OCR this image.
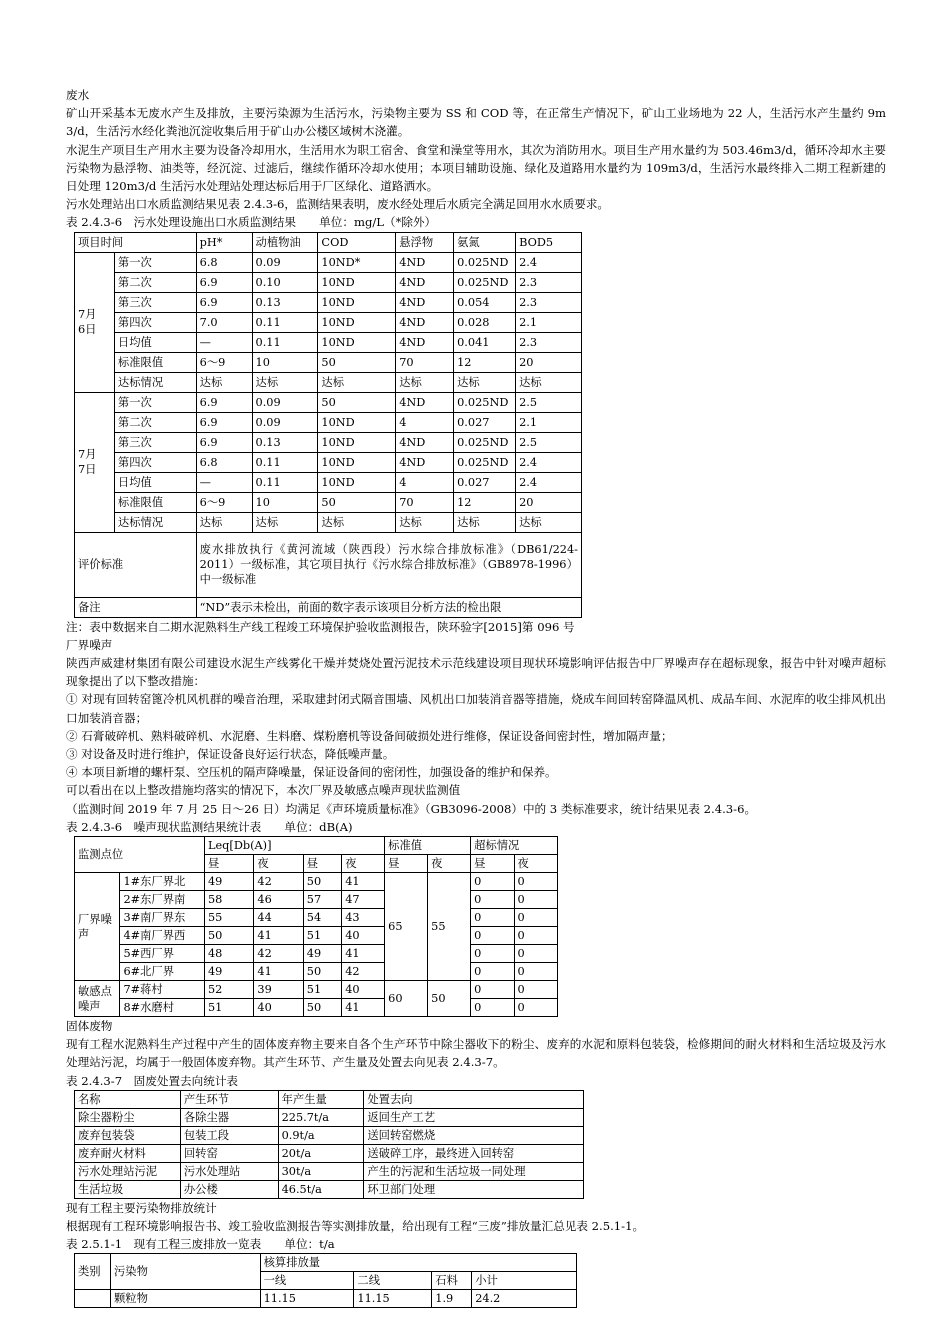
废水

矿山开采基本无废水产生及排放，主要污染源为生活污水，污染物主要为 SS 和 COD 等，在正常生产情况下，矿山工业场地为 22 人，生活污水产生量约 9m3/d，生活污水经化粪池沉淀收集后用于矿山办公楼区域树木浇灌。

水泥生产项目生产用水主要为设备冷却用水，生活用水为职工宿舍、食堂和澡堂等用水，其次为消防用水。项目生产用水量约为 503.46m3/d，循环冷却水主要污染物为悬浮物、油类等，经沉淀、过滤后，继续作循环冷却水使用；本项目辅助设施、绿化及道路用水量约为 109m3/d，生活污水最终排入二期工程新建的日处理 120m3/d 生活污水处理站处理达标后用于厂区绿化、道路洒水。

污水处理站出口水质监测结果见表 2.4.3-6，监测结果表明，废水经处理后水质完全满足回用水水质要求。

表 2.4.3-6　污水处理设施出口水质监测结果　　单位：mg/L（*除外）

项目时间		pH*	动植物油	COD	悬浮物	氨氮	BOD5
7月6日	第一次	6.8	0.09	10ND*	4ND	0.025ND	2.4
	第二次	6.9	0.10	10ND	4ND	0.025ND	2.3
	第三次	6.9	0.13	10ND	4ND	0.054	2.3
	第四次	7.0	0.11	10ND	4ND	0.028	2.1
	日均值	—	0.11	10ND	4ND	0.041	2.3
	标准限值	6～9	10	50	70	12	20
	达标情况	达标	达标	达标	达标	达标	达标
7月7日	第一次	6.9	0.09	50	4ND	0.025ND	2.5
	第二次	6.9	0.09	10ND	4	0.027	2.1
	第三次	6.9	0.13	10ND	4ND	0.025ND	2.5
	第四次	6.8	0.11	10ND	4ND	0.025ND	2.4
	日均值	—	0.11	10ND	4	0.027	2.4
	标准限值	6～9	10	50	70	12	20
	达标情况	达标	达标	达标	达标	达标	达标
评价标准		废水排放执行《黄河流域（陕西段）污水综合排放标准》（DB61/224-2011）一级标准，其它项目执行《污水综合排放标准》（GB8978-1996）中一级标准					
备注		“ND”表示未检出，前面的数字表示该项目分析方法的检出限					

注：表中数据来自二期水泥熟料生产线工程竣工环境保护验收监测报告，陕环验字[2015]第 096 号

厂界噪声

陕西声威建材集团有限公司建设水泥生产线雾化干燥并焚烧处置污泥技术示范线建设项目现状环境影响评估报告中厂界噪声存在超标现象，报告中针对噪声超标现象提出了以下整改措施：

① 对现有回转窑篦冷机风机群的噪音治理，采取建封闭式隔音围墙、风机出口加装消音器等措施，烧成车间回转窑降温风机、成品车间、水泥库的收尘排风机出口加装消音器；

② 石膏破碎机、熟料破碎机、水泥磨、生料磨、煤粉磨机等设备间破损处进行维修，保证设备间密封性，增加隔声量；

③ 对设备及时进行维护，保证设备良好运行状态，降低噪声量。

④ 本项目新增的螺杆泵、空压机的隔声降噪量，保证设备间的密闭性，加强设备的维护和保养。

可以看出在以上整改措施均落实的情况下，本次厂界及敏感点噪声现状监测值

（监测时间 2019 年 7 月 25 日～26 日）均满足《声环境质量标准》（GB3096-2008）中的 3 类标准要求，统计结果见表 2.4.3-6。

表 2.4.3-6　噪声现状监测结果统计表　　单位：dB(A)

监测点位		Leq[Db(A)]				标准值		超标情况	
		昼	夜	昼	夜	昼	夜	昼	夜
厂界噪声	1#东厂界北	49	42	50	41	65	55	0	0
	2#东厂界南	58	46	57	47			0	0
	3#南厂界东	55	44	54	43			0	0
	4#南厂界西	50	41	51	40			0	0
	5#西厂界	48	42	49	41			0	0
	6#北厂界	49	41	50	42			0	0
敏感点噪声	7#蒋村	52	39	51	40	60	50	0	0
	8#水磨村	51	40	50	41			0	0

固体废物

现有工程水泥熟料生产过程中产生的固体废弃物主要来自各个生产环节中除尘器收下的粉尘、废弃的水泥和原料包装袋，检修期间的耐火材料和生活垃圾及污水处理站污泥，均属于一般固体废弃物。其产生环节、产生量及处置去向见表 2.4.3-7。

表 2.4.3-7　固废处置去向统计表

名称	产生环节	年产生量	处置去向
除尘器粉尘	各除尘器	225.7t/a	返回生产工艺
废弃包装袋	包装工段	0.9t/a	送回转窑燃烧
废弃耐火材料	回转窑	20t/a	送破碎工序，最终进入回转窑
污水处理站污泥	污水处理站	30t/a	产生的污泥和生活垃圾一同处理
生活垃圾	办公楼	46.5t/a	环卫部门处理

现有工程主要污染物排放统计

根据现有工程环境影响报告书、竣工验收监测报告等实测排放量，给出现有工程“三废”排放量汇总见表 2.5.1-1。

表 2.5.1-1　现有工程三废排放一览表　　单位：t/a

类别	污染物	核算排放量			
		一线	二线	石料	小计
	颗粒物	11.15	11.15	1.9	24.2
